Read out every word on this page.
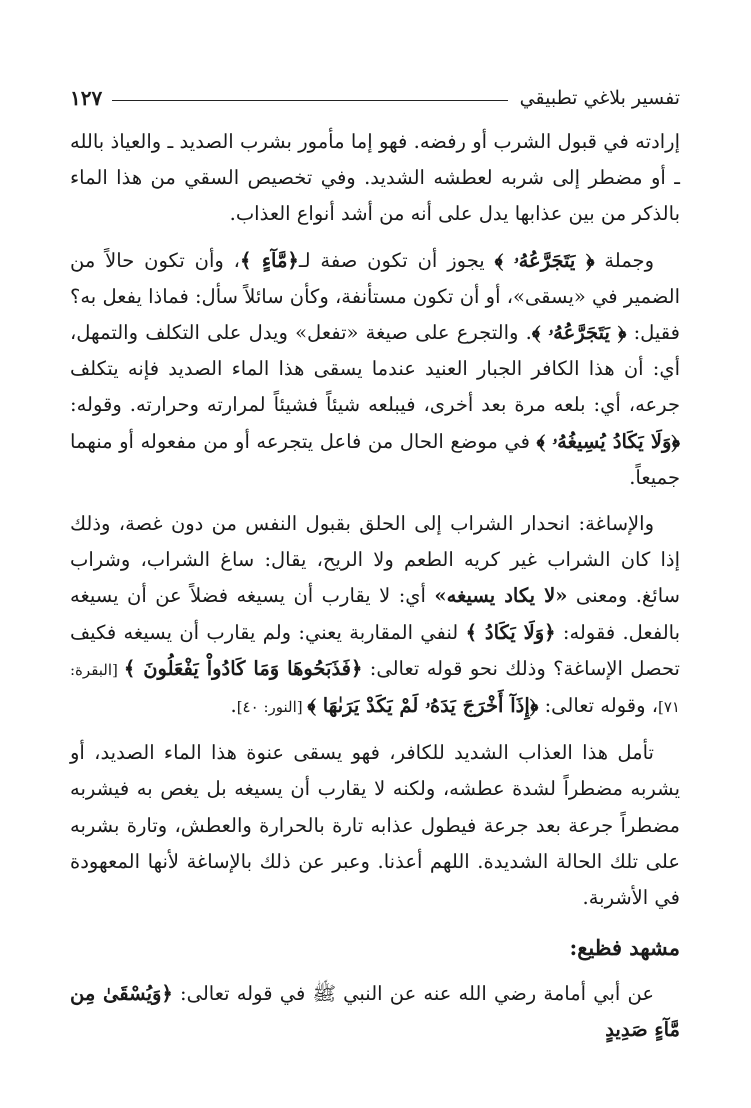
تفسير بلاغي تطبيقي
١٢٧

إرادته في قبول الشرب أو رفضه. فهو إما مأمور بشرب الصديد ـ والعياذ بالله ـ أو مضطر إلى شربه لعطشه الشديد. وفي تخصيص السقي من هذا الماء بالذكر من بين عذابها يدل على أنه من أشد أنواع العذاب.

وجملة ﴿ يَتَجَرَّعُهُۥ ﴾ يجوز أن تكون صفة لـ﴿مَّآءٍ ﴾، وأن تكون حالاً من الضمير في «يسقى»، أو أن تكون مستأنفة، وكأن سائلاً سأل: فماذا يفعل به؟ فقيل: ﴿ يَتَجَرَّعُهُۥ ﴾. والتجرع على صيغة «تفعل» ويدل على التكلف والتمهل، أي: أن هذا الكافر الجبار العنيد عندما يسقى هذا الماء الصديد فإنه يتكلف جرعه، أي: بلعه مرة بعد أخرى، فيبلعه شيئاً فشيئاً لمرارته وحرارته. وقوله: ﴿وَلَا يَكَادُ يُسِيغُهُۥ ﴾ في موضع الحال من فاعل يتجرعه أو من مفعوله أو منهما جميعاً.

والإساغة: انحدار الشراب إلى الحلق بقبول النفس من دون غصة، وذلك إذا كان الشراب غير كريه الطعم ولا الريح، يقال: ساغ الشراب، وشراب سائغ. ومعنى «لا يكاد يسيغه» أي: لا يقارب أن يسيغه فضلاً عن أن يسيغه بالفعل. فقوله: ﴿وَلَا يَكَادُ ﴾ لنفي المقاربة يعني: ولم يقارب أن يسيغه فكيف تحصل الإساغة؟ وذلك نحو قوله تعالى: ﴿فَذَبَحُوهَا وَمَا كَادُواْ يَفْعَلُونَ ﴾ [البقرة: ٧١]، وقوله تعالى: ﴿إِذَآ أَخْرَجَ يَدَهُۥ لَمْ يَكَدْ يَرَىٰهَا ﴾ [النور: ٤٠].

تأمل هذا العذاب الشديد للكافر، فهو يسقى عنوة هذا الماء الصديد، أو يشربه مضطراً لشدة عطشه، ولكنه لا يقارب أن يسيغه بل يغص به فيشربه مضطراً جرعة بعد جرعة فيطول عذابه تارة بالحرارة والعطش، وتارة بشربه على تلك الحالة الشديدة. اللهم أعذنا. وعبر عن ذلك بالإساغة لأنها المعهودة في الأشربة.

مشهد فظيع:

عن أبي أمامة رضي الله عنه عن النبي ﷺ في قوله تعالى: ﴿وَيُسْقَىٰ مِن مَّآءٍ صَدِيدٍ
